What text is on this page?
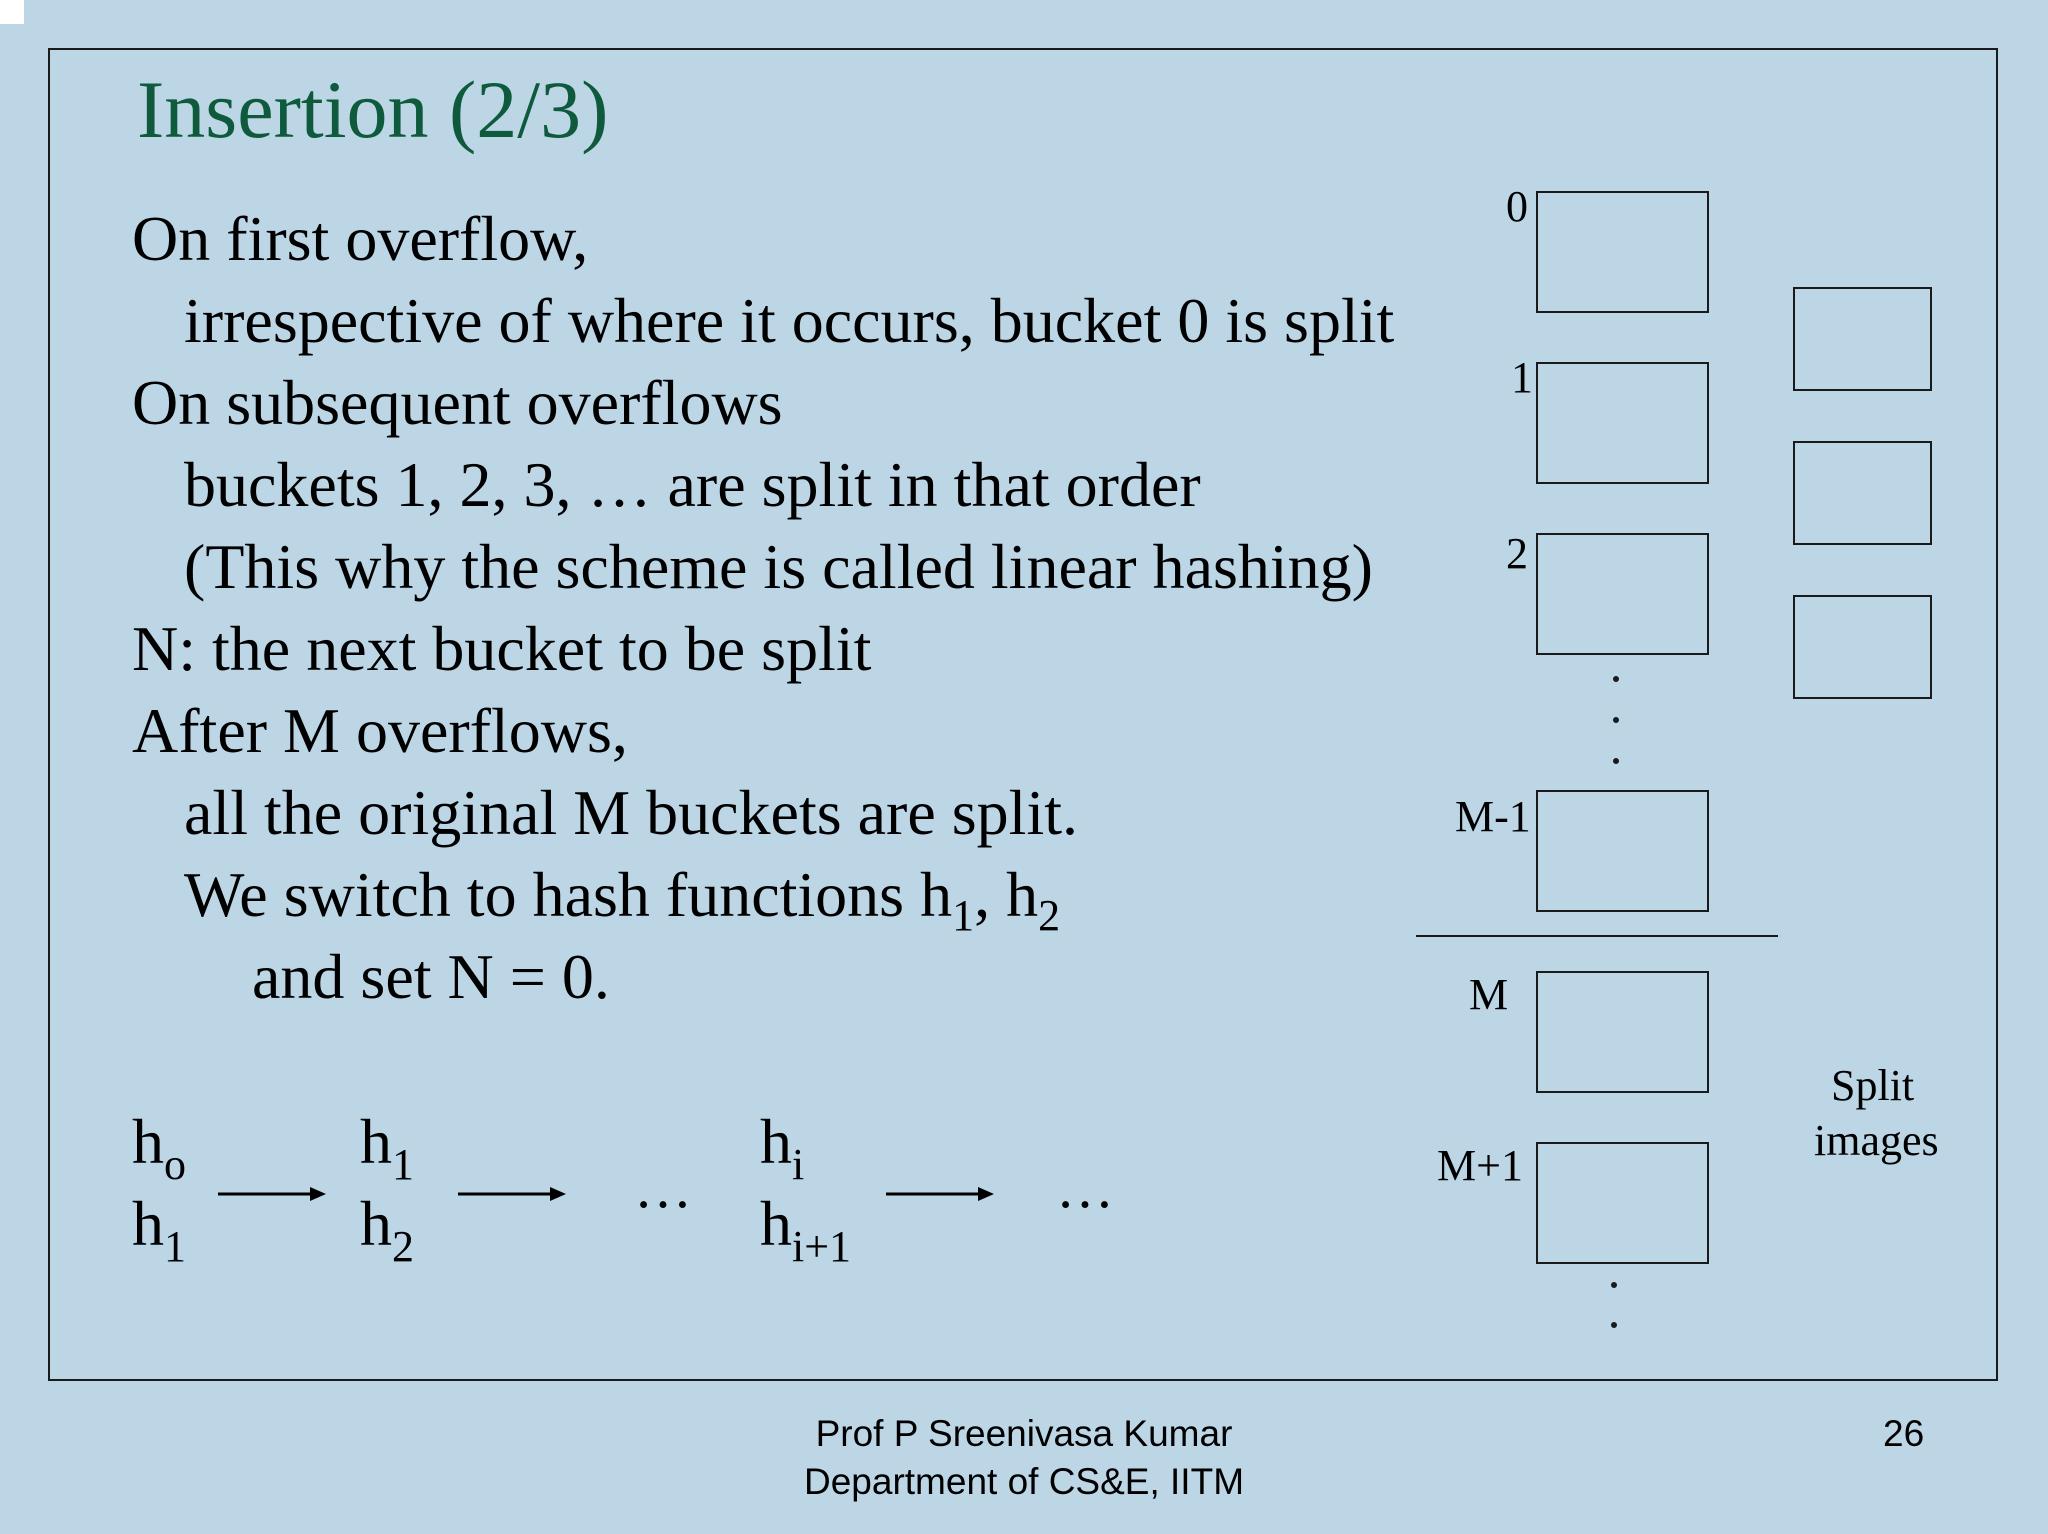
Insertion (2/3)
On first overflow,
irrespective of where it occurs, bucket 0 is split
On subsequent overflows
buckets 1, 2, 3, … are split in that order
(This why the scheme is called linear hashing)
N: the next bucket to be split
After M overflows,
all the original M buckets are split.
We switch to hash functions $h_1$, $h_2$
and set N = 0.
0
1
2
M-1
M
M+1
Split
images
$h_o$
$h_1$
$h_1$
$h_2$
$h_i$
$h_{i+1}$
…	…
Prof P Sreenivasa Kumar
Department of CS&E, IITM
26
